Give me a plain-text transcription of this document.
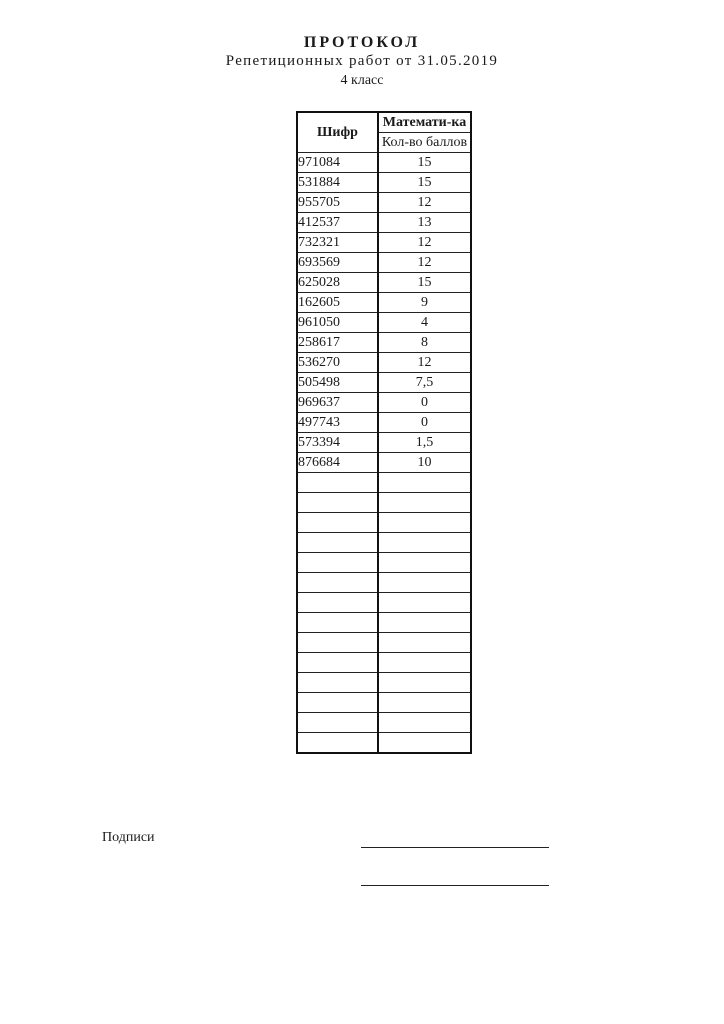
ПРОТОКОЛ
Репетиционных работ от 31.05.2019
4 класс
Шифр	Математи-ка
	Кол-во баллов
971084	15
531884	15
955705	12
412537	13
732321	12
693569	12
625028	15
162605	9
961050	4
258617	8
536270	12
505498	7,5
969637	0
497743	0
573394	1,5
876684	10

Подписи
